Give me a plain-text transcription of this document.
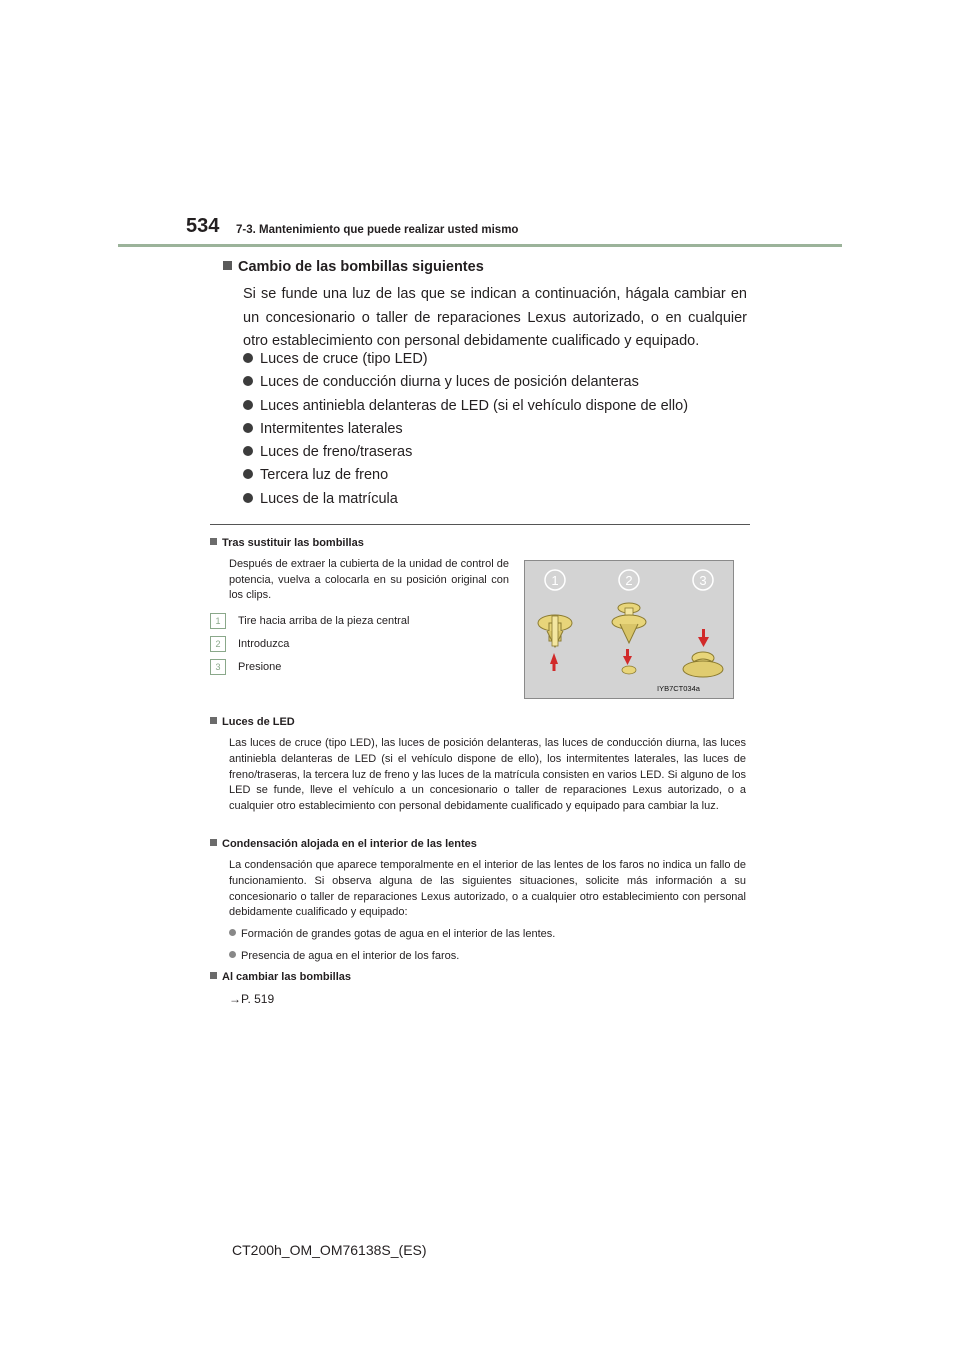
534 7-3. Mantenimiento que puede realizar usted mismo
Cambio de las bombillas siguientes
Si se funde una luz de las que se indican a continuación, hágala cambiar en un concesionario o taller de reparaciones Lexus autorizado, o en cualquier otro establecimiento con personal debidamente cualificado y equipado.
Luces de cruce (tipo LED)
Luces de conducción diurna y luces de posición delanteras
Luces antiniebla delanteras de LED (si el vehículo dispone de ello)
Intermitentes laterales
Luces de freno/traseras
Tercera luz de freno
Luces de la matrícula
Tras sustituir las bombillas
Después de extraer la cubierta de la unidad de control de potencia, vuelva a colocarla en su posición original con los clips.
1 Tire hacia arriba de la pieza central
2 Introduzca
3 Presione
1	2	3
IYB7CT034a
Luces de LED
Las luces de cruce (tipo LED), las luces de posición delanteras, las luces de conducción diurna, las luces antiniebla delanteras de LED (si el vehículo dispone de ello), los intermitentes laterales, las luces de freno/traseras, la tercera luz de freno y las luces de la matrícula consisten en varios LED. Si alguno de los LED se funde, lleve el vehículo a un concesionario o taller de reparaciones Lexus autorizado, o a cualquier otro establecimiento con personal debidamente cualificado y equipado para cambiar la luz.
Condensación alojada en el interior de las lentes
La condensación que aparece temporalmente en el interior de las lentes de los faros no indica un fallo de funcionamiento. Si observa alguna de las siguientes situaciones, solicite más información a su concesionario o taller de reparaciones Lexus autorizado, o a cualquier otro establecimiento con personal debidamente cualificado y equipado:
Formación de grandes gotas de agua en el interior de las lentes.
Presencia de agua en el interior de los faros.
Al cambiar las bombillas
→P. 519
CT200h_OM_OM76138S_(ES)
